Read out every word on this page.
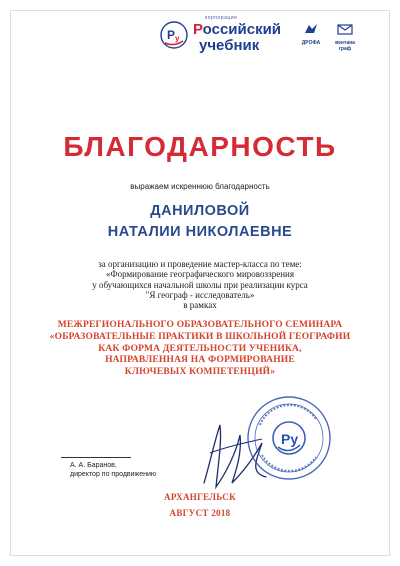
Р у
корпорация
Российский
учебник	ДРОФА	вентана граф
БЛАГОДАРНОСТЬ
выражаем искреннюю благодарность
ДАНИЛОВОЙ
НАТАЛИИ НИКОЛАЕВНЕ
за организацию и проведение мастер-класса по теме:
«Формирование географического мировоззрения
у обучающихся начальной школы при реализации курса
"Я географ - исследователь»
в рамках
МЕЖРЕГИОНАЛЬНОГО ОБРАЗОВАТЕЛЬНОГО СЕМИНАРА
«ОБРАЗОВАТЕЛЬНЫЕ ПРАКТИКИ В ШКОЛЬНОЙ ГЕОГРАФИИ
КАК ФОРМА ДЕЯТЕЛЬНОСТИ УЧЕНИКА,
НАПРАВЛЕННАЯ НА ФОРМИРОВАНИЕ
КЛЮЧЕВЫХ КОМПЕТЕНЦИЙ»
А. А. Баранов,
директор по продвижению
Ру
АРХАНГЕЛЬСК
АВГУСТ 2018
